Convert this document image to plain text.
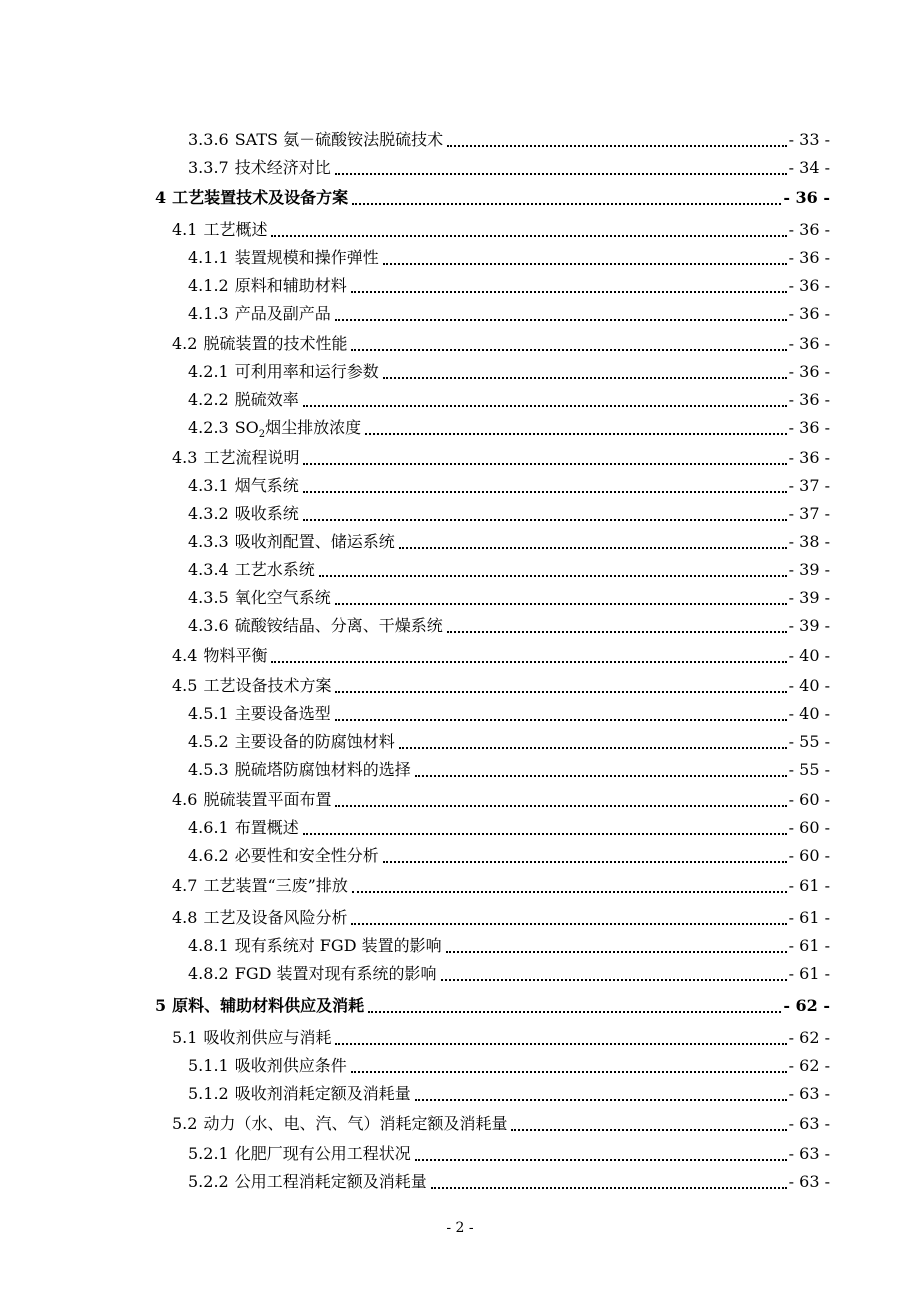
3.3.6 SATS 氨－硫酸铵法脱硫技术	- 33 -
3.3.7 技术经济对比	- 34 -
4 工艺装置技术及设备方案	- 36 -
4.1 工艺概述	- 36 -
4.1.1 装置规模和操作弹性	- 36 -
4.1.2 原料和辅助材料	- 36 -
4.1.3 产品及副产品	- 36 -
4.2 脱硫装置的技术性能	- 36 -
4.2.1 可利用率和运行参数	- 36 -
4.2.2 脱硫效率	- 36 -
4.2.3 $SO_2$烟尘排放浓度	- 36 -
4.3 工艺流程说明	- 36 -
4.3.1 烟气系统	- 37 -
4.3.2 吸收系统	- 37 -
4.3.3 吸收剂配置、储运系统	- 38 -
4.3.4 工艺水系统	- 39 -
4.3.5 氧化空气系统	- 39 -
4.3.6 硫酸铵结晶、分离、干燥系统	- 39 -
4.4 物料平衡	- 40 -
4.5 工艺设备技术方案	- 40 -
4.5.1 主要设备选型	- 40 -
4.5.2 主要设备的防腐蚀材料	- 55 -
4.5.3 脱硫塔防腐蚀材料的选择	- 55 -
4.6 脱硫装置平面布置	- 60 -
4.6.1 布置概述	- 60 -
4.6.2 必要性和安全性分析	- 60 -
4.7 工艺装置“三废”排放	- 61 -
4.8 工艺及设备风险分析	- 61 -
4.8.1 现有系统对 FGD 装置的影响	- 61 -
4.8.2 FGD 装置对现有系统的影响	- 61 -
5 原料、辅助材料供应及消耗	- 62 -
5.1 吸收剂供应与消耗	- 62 -
5.1.1 吸收剂供应条件	- 62 -
5.1.2 吸收剂消耗定额及消耗量	- 63 -
5.2 动力（水、电、汽、气）消耗定额及消耗量	- 63 -
5.2.1 化肥厂现有公用工程状况	- 63 -
5.2.2 公用工程消耗定额及消耗量	- 63 -
- 2 -
